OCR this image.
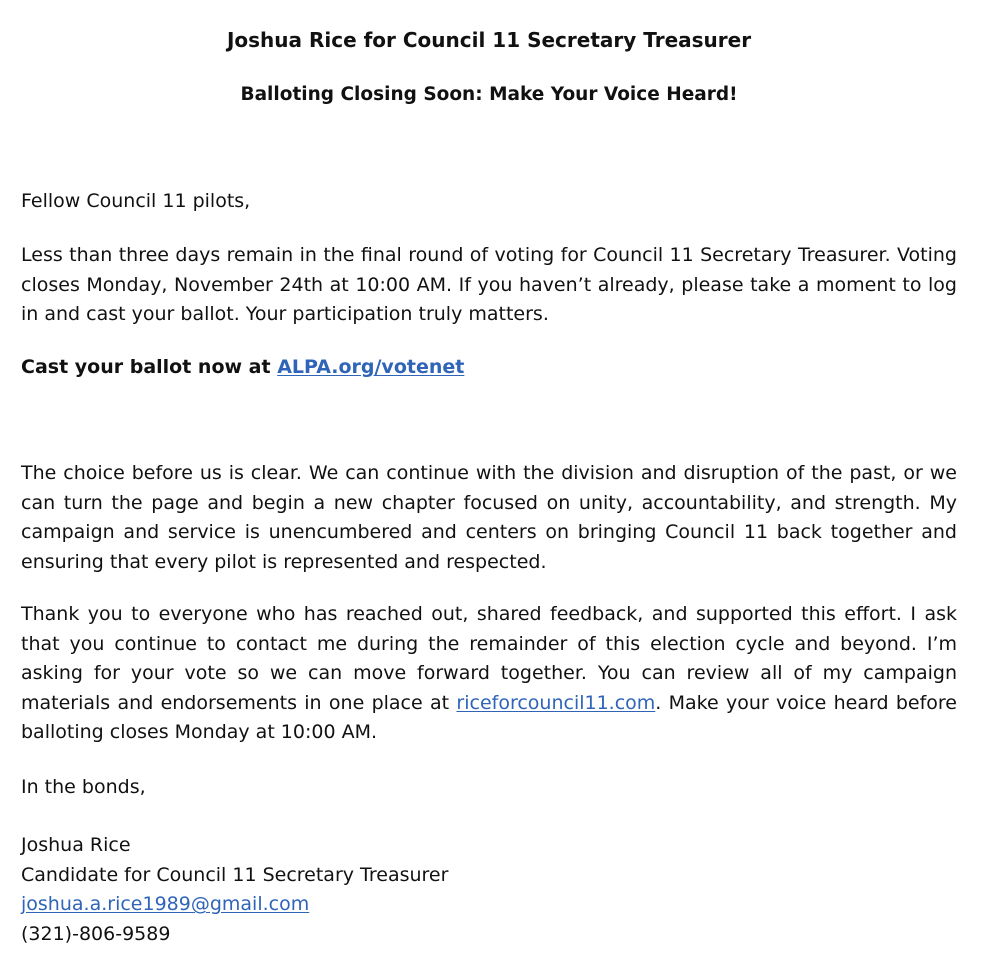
Joshua Rice for Council 11 Secretary Treasurer
Balloting Closing Soon: Make Your Voice Heard!
Fellow Council 11 pilots,
Less than three days remain in the final round of voting for Council 11 Secretary Treasurer. Voting closes Monday, November 24th at 10:00 AM. If you haven’t already, please take a moment to log in and cast your ballot. Your participation truly matters.
Cast your ballot now at ALPA.org/votenet
The choice before us is clear. We can continue with the division and disruption of the past, or we can turn the page and begin a new chapter focused on unity, accountability, and strength. My campaign and service is unencumbered and centers on bringing Council 11 back together and ensuring that every pilot is represented and respected.
Thank you to everyone who has reached out, shared feedback, and supported this effort. I ask that you continue to contact me during the remainder of this election cycle and beyond. I’m asking for your vote so we can move forward together. You can review all of my campaign materials and endorsements in one place at riceforcouncil11.com. Make your voice heard before balloting closes Monday at 10:00 AM.
In the bonds,
Joshua Rice
Candidate for Council 11 Secretary Treasurer
joshua.a.rice1989@gmail.com
(321)-806-9589
